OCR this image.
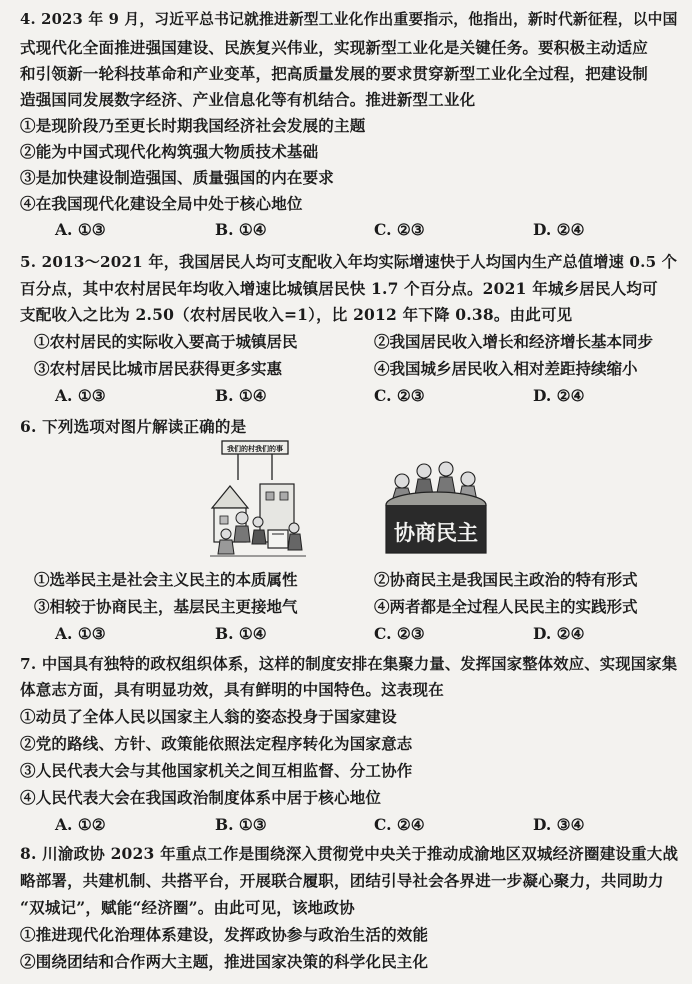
4. 2023 年 9 月，习近平总书记就推进新型工业化作出重要指示，他指出，新时代新征程，以中国
式现代化全面推进强国建设、民族复兴伟业，实现新型工业化是关键任务。要积极主动适应
和引领新一轮科技革命和产业变革，把高质量发展的要求贯穿新型工业化全过程，把建设制
造强国同发展数字经济、产业信息化等有机结合。推进新型工业化
①是现阶段乃至更长时期我国经济社会发展的主题
②能为中国式现代化构筑强大物质技术基础
③是加快建设制造强国、质量强国的内在要求
④在我国现代化建设全局中处于核心地位
A. ①③	B. ①④	C. ②③	D. ②④
5. 2013～2021 年，我国居民人均可支配收入年均实际增速快于人均国内生产总值增速 0.5 个
百分点，其中农村居民年均收入增速比城镇居民快 1.7 个百分点。2021 年城乡居民人均可
支配收入之比为 2.50（农村居民收入=1），比 2012 年下降 0.38。由此可见
①农村居民的实际收入要高于城镇居民	②我国居民收入增长和经济增长基本同步
③农村居民比城市居民获得更多实惠	④我国城乡居民收入相对差距持续缩小
A. ①③	B. ①④	C. ②③	D. ②④
6. 下列选项对图片解读正确的是
我们的村我们的事
协商民主
①选举民主是社会主义民主的本质属性	②协商民主是我国民主政治的特有形式
③相较于协商民主，基层民主更接地气	④两者都是全过程人民民主的实践形式
A. ①③	B. ①④	C. ②③	D. ②④
7. 中国具有独特的政权组织体系，这样的制度安排在集聚力量、发挥国家整体效应、实现国家集
体意志方面，具有明显功效，具有鲜明的中国特色。这表现在
①动员了全体人民以国家主人翁的姿态投身于国家建设
②党的路线、方针、政策能依照法定程序转化为国家意志
③人民代表大会与其他国家机关之间互相监督、分工协作
④人民代表大会在我国政治制度体系中居于核心地位
A. ①②	B. ①③	C. ②④	D. ③④
8. 川渝政协 2023 年重点工作是围绕深入贯彻党中央关于推动成渝地区双城经济圈建设重大战
略部署，共建机制、共搭平台，开展联合履职，团结引导社会各界进一步凝心聚力，共同助力
“双城记”，赋能“经济圈”。由此可见，该地政协
①推进现代化治理体系建设，发挥政协参与政治生活的效能
②围绕团结和合作两大主题，推进国家决策的科学化民主化
